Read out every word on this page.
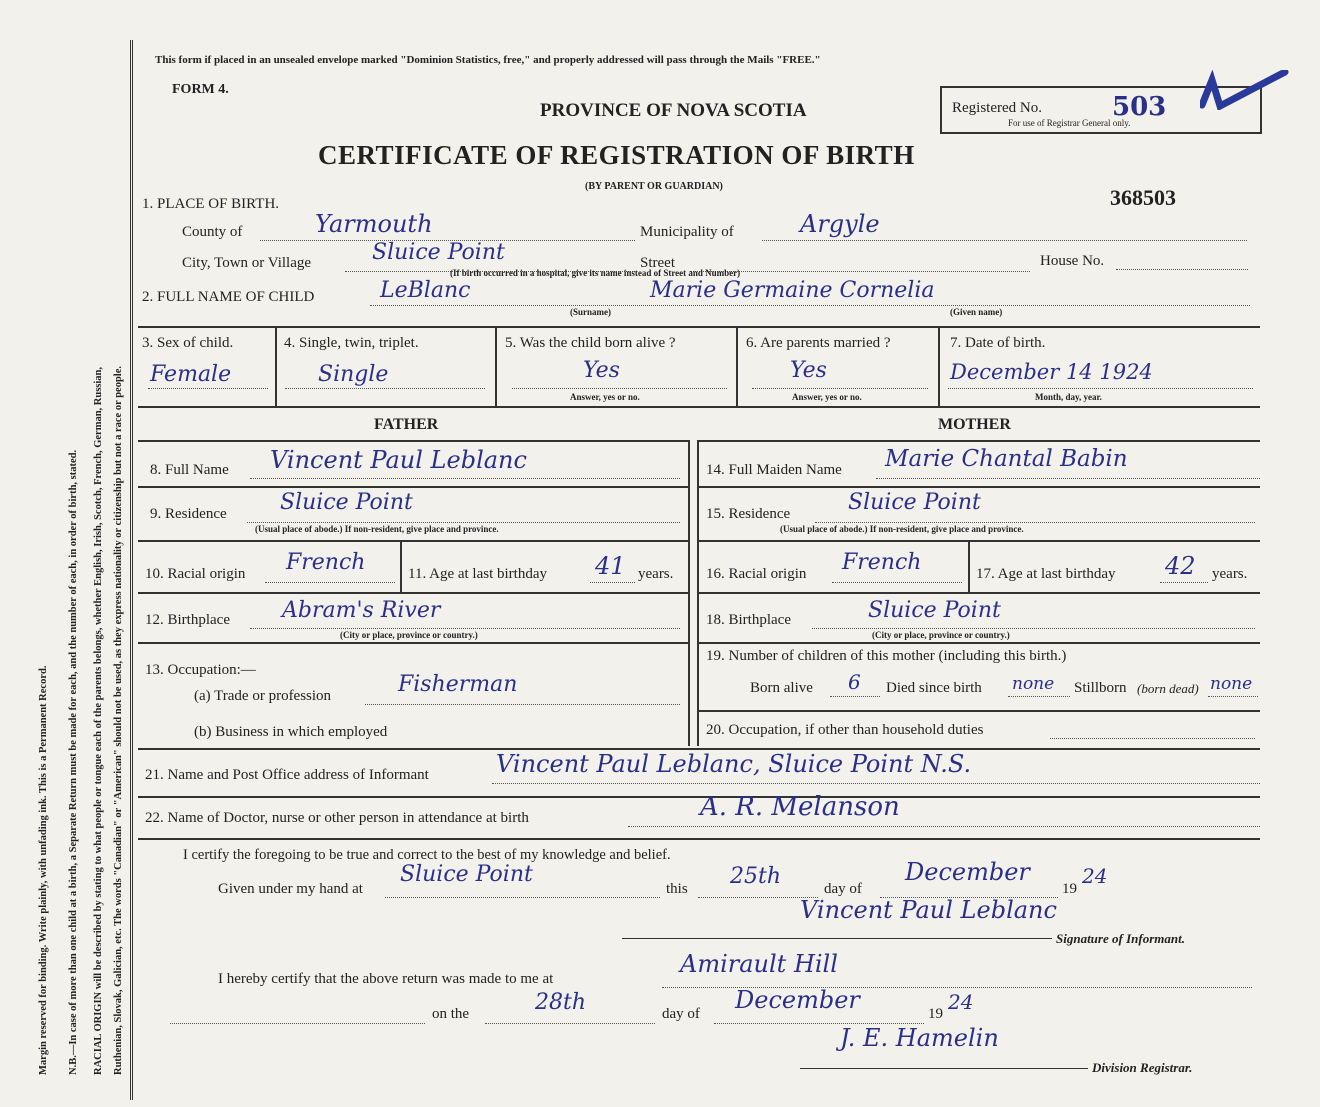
Margin reserved for binding. Write plainly, with unfading ink. This is a Permanent Record. N.B.—In case of more than one child at a birth, a Separate Return must be made for each, and the number of each, in order of birth, stated. RACIAL ORIGIN will be described by stating to what people or tongue each of the parents belongs, whether English, Irish, Scotch, French, German, Russian, Ruthenian, Slovak, Galician, etc. The words "Canadian" or "American" should not be used, as they express nationality or citizenship but not a race or people.
This form if placed in an unsealed envelope marked "Dominion Statistics, free," and properly addressed will pass through the Mails "FREE."
FORM 4.
PROVINCE OF NOVA SCOTIA
CERTIFICATE OF REGISTRATION OF BIRTH
(BY PARENT OR GUARDIAN)	368503
Registered No.	503
For use of Registrar General only.
1. PLACE OF BIRTH.
County of	Yarmouth	Municipality of	Argyle
City, Town or Village	Sluice Point	Street	House No.
(If birth occurred in a hospital, give its name instead of Street and Number)
2. FULL NAME OF CHILD	LeBlanc	Marie Germaine Cornelia
(Surname)	(Given name)
3. Sex of child.
Female
4. Single, twin, triplet.
Single
5. Was the child born alive ?
Yes
Answer, yes or no.
6. Are parents married ?
Yes
Answer, yes or no.
7. Date of birth.
December 14 1924
Month, day, year.
FATHER	MOTHER
8. Full Name Vincent Paul Leblanc
9. Residence Sluice Point
(Usual place of abode.) If non-resident, give place and province.
10. Racial origin French	11. Age at last birthday 41 years.
12. Birthplace Abram's River
(City or place, province or country.)
13. Occupation:—
(a) Trade or profession	Fisherman
(b) Business in which employed
14. Full Maiden Name Marie Chantal Babin
15. Residence	Sluice Point
(Usual place of abode.) If non-resident, give place and province.
16. Racial origin French	17. Age at last birthday 42 years.
18. Birthplace	Sluice Point
(City or place, province or country.)
19. Number of children of this mother (including this birth.)
Born alive 6 Died since birth none Stillborn (born dead) none
20. Occupation, if other than household duties
21. Name and Post Office address of Informant	Vincent Paul Leblanc, Sluice Point N.S.
22. Name of Doctor, nurse or other person in attendance at birth	A. R. Melanson
I certify the foregoing to be true and correct to the best of my knowledge and belief.
Given under my hand at
Sluice Point
this 25th	day of
December
19
24
Vincent Paul Leblanc
Signature of Informant.
I hereby certify that the above return was made to me at
Amirault Hill
on the	28th	day of December	19 24
J. E. Hamelin
Division Registrar.
